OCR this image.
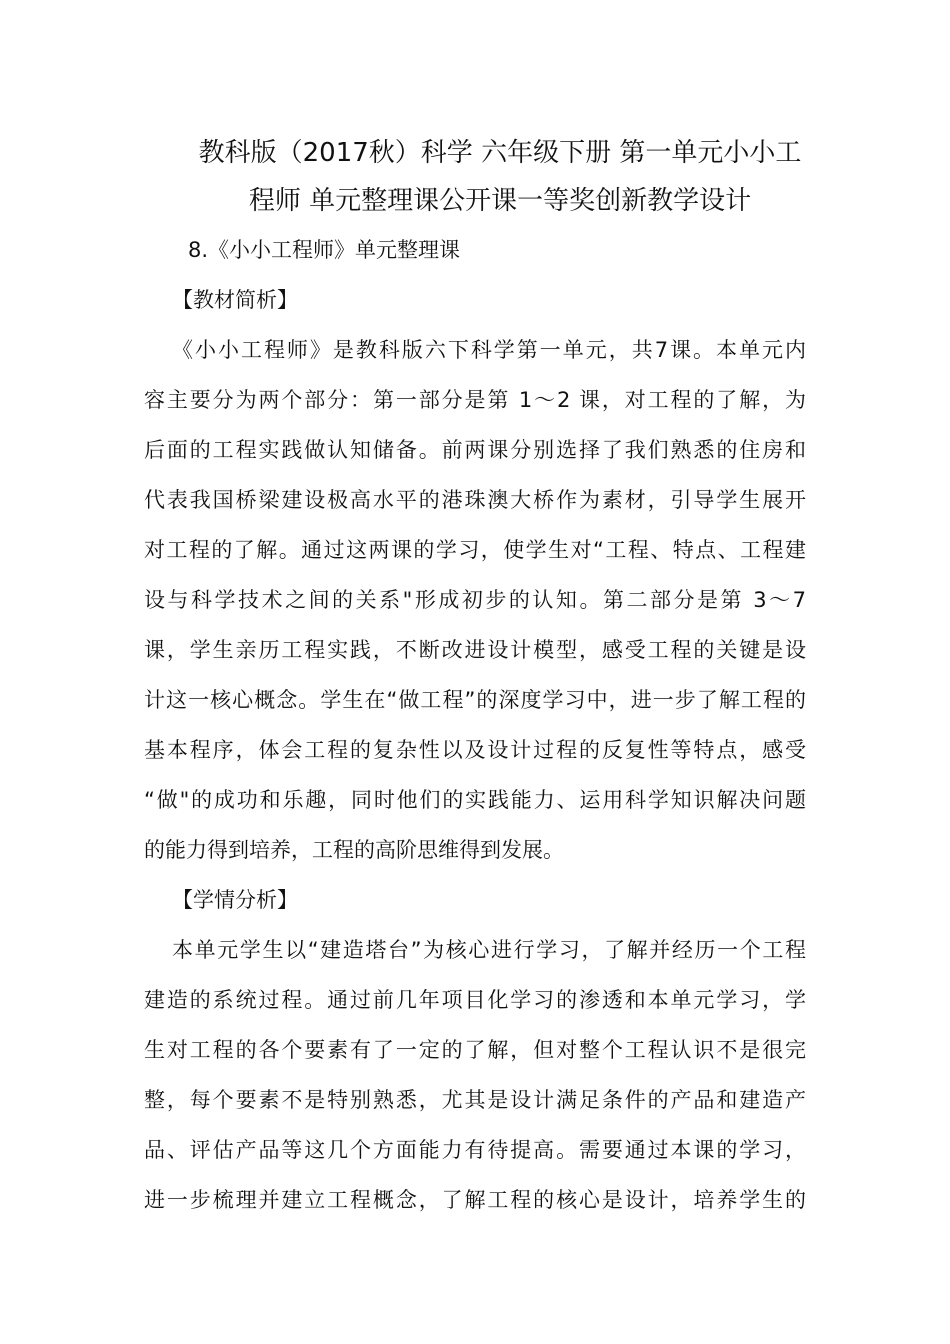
教科版（2017秋）科学 六年级下册 第一单元小小工
程师 单元整理课公开课一等奖创新教学设计
8.《小小工程师》单元整理课
【教材简析】
《小小工程师》是教科版六下科学第一单元，共7课。本单元内
容主要分为两个部分：第一部分是第 1～2 课，对工程的了解，为
后面的工程实践做认知储备。前两课分别选择了我们熟悉的住房和
代表我国桥梁建设极高水平的港珠澳大桥作为素材，引导学生展开
对工程的了解。通过这两课的学习，使学生对“工程、特点、工程建
设与科学技术之间的关系"形成初步的认知。第二部分是第 3～7
课，学生亲历工程实践，不断改进设计模型，感受工程的关键是设
计这一核心概念。学生在“做工程”的深度学习中，进一步了解工程的
基本程序，体会工程的复杂性以及设计过程的反复性等特点，感受
“做"的成功和乐趣，同时他们的实践能力、运用科学知识解决问题
的能力得到培养，工程的高阶思维得到发展。
【学情分析】
本单元学生以“建造塔台”为核心进行学习，了解并经历一个工程
建造的系统过程。通过前几年项目化学习的渗透和本单元学习，学
生对工程的各个要素有了一定的了解，但对整个工程认识不是很完
整，每个要素不是特别熟悉，尤其是设计满足条件的产品和建造产
品、评估产品等这几个方面能力有待提高。需要通过本课的学习，
进一步梳理并建立工程概念，了解工程的核心是设计，培养学生的
